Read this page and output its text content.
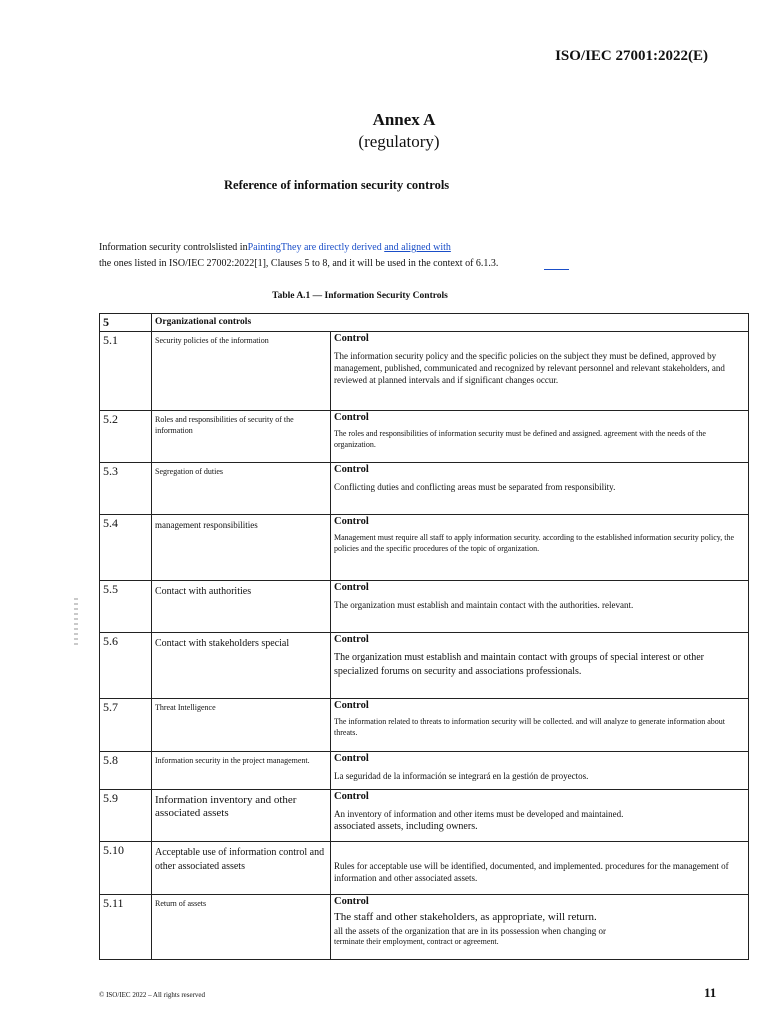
ISO/IEC 27001:2022(E)
Annex A
(regulatory)
Reference of information security controls
Information security controlslisted inPaintingThey are directly derived and aligned with
the ones listed in ISO/IEC 27002:2022[1], Clauses 5 to 8, and it will be used in the context of 6.1.3.
Table A.1 — Information Security Controls
5	Organizational controls	
5.1	Security policies of the information	Control
The information security policy and the specific policies on the subject they must be defined, approved by management, published, communicated and recognized by relevant personnel and relevant stakeholders, and reviewed at planned intervals and if significant changes occur.

5.2	Roles and responsibilities of security of the information	Control
The roles and responsibilities of information security must be defined and assigned. agreement with the needs of the organization.

5.3	Segregation of duties	Control
Conflicting duties and conflicting areas must be separated from responsibility.

5.4	management responsibilities	Control
Management must require all staff to apply information security. according to the established information security policy, the policies and the specific procedures of the topic of organization.

5.5	Contact with authorities	Control
The organization must establish and maintain contact with the authorities. relevant.

5.6	Contact with stakeholders special	Control
The organization must establish and maintain contact with groups of special interest or other specialized forums on security and associations professionals.

5.7	Threat Intelligence	Control
The information related to threats to information security will be collected. and will analyze to generate information about threats.

5.8	Information security in the project management.	Control
La seguridad de la información se integrará en la gestión de proyectos.

5.9	Information inventory and other associated assets	Control
An inventory of information and other items must be developed and maintained.
associated assets, including owners.

5.10	Acceptable use of information control and other associated assets	Rules for acceptable use will be identified, documented, and implemented. procedures for the management of information and other associated assets.

5.11	Return of assets	Control
The staff and other stakeholders, as appropriate, will return.
all the assets of the organization that are in its possession when changing or
terminate their employment, contract or agreement.
© ISO/IEC 2022 – All rights reserved	11
